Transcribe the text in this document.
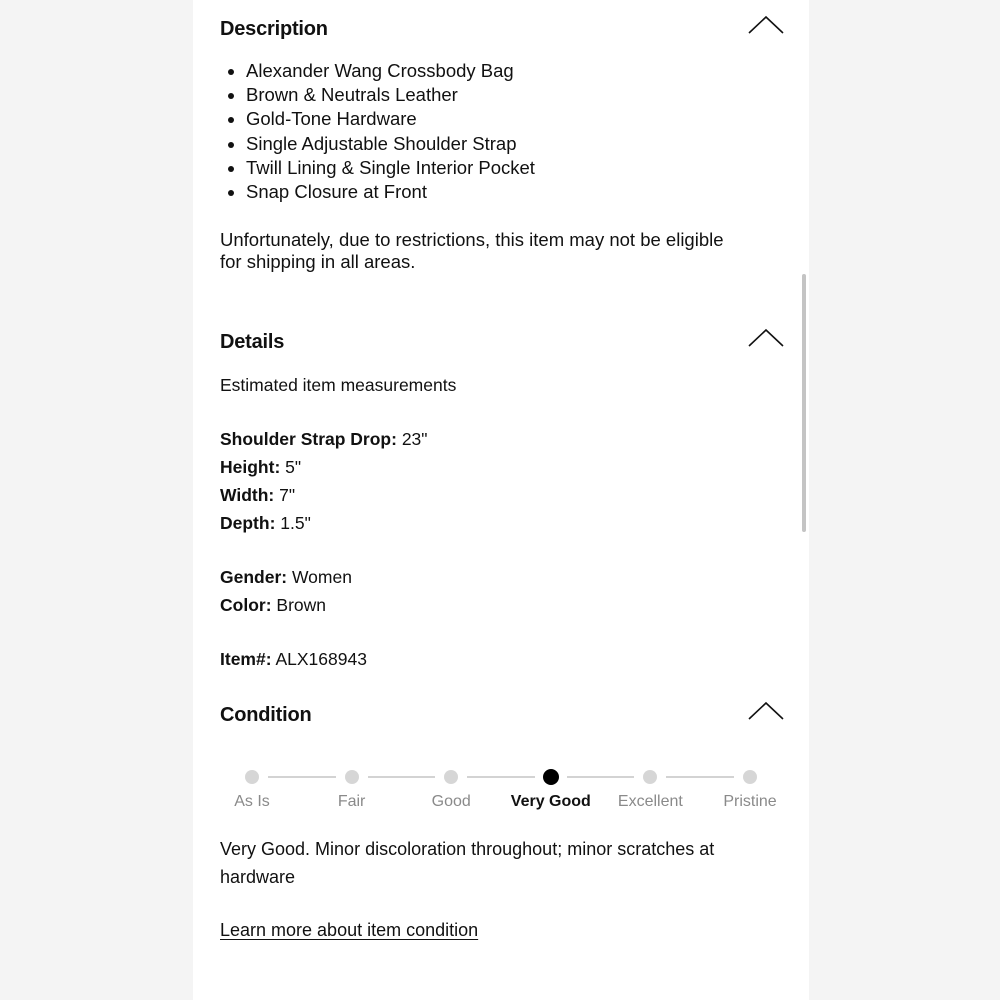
Description
• Alexander Wang Crossbody Bag
• Brown & Neutrals Leather
• Gold-Tone Hardware
• Single Adjustable Shoulder Strap
• Twill Lining & Single Interior Pocket
• Snap Closure at Front
Unfortunately, due to restrictions, this item may not be eligible
for shipping in all areas.
Details
Estimated item measurements
Shoulder Strap Drop: 23"
Height: 5"
Width: 7"
Depth: 1.5"
Gender: Women
Color: Brown
Item#: ALX168943
Condition
As Is	Fair	Good	Very Good Excellent	Pristine
Very Good. Minor discoloration throughout; minor scratches at
hardware
Learn more about item condition
